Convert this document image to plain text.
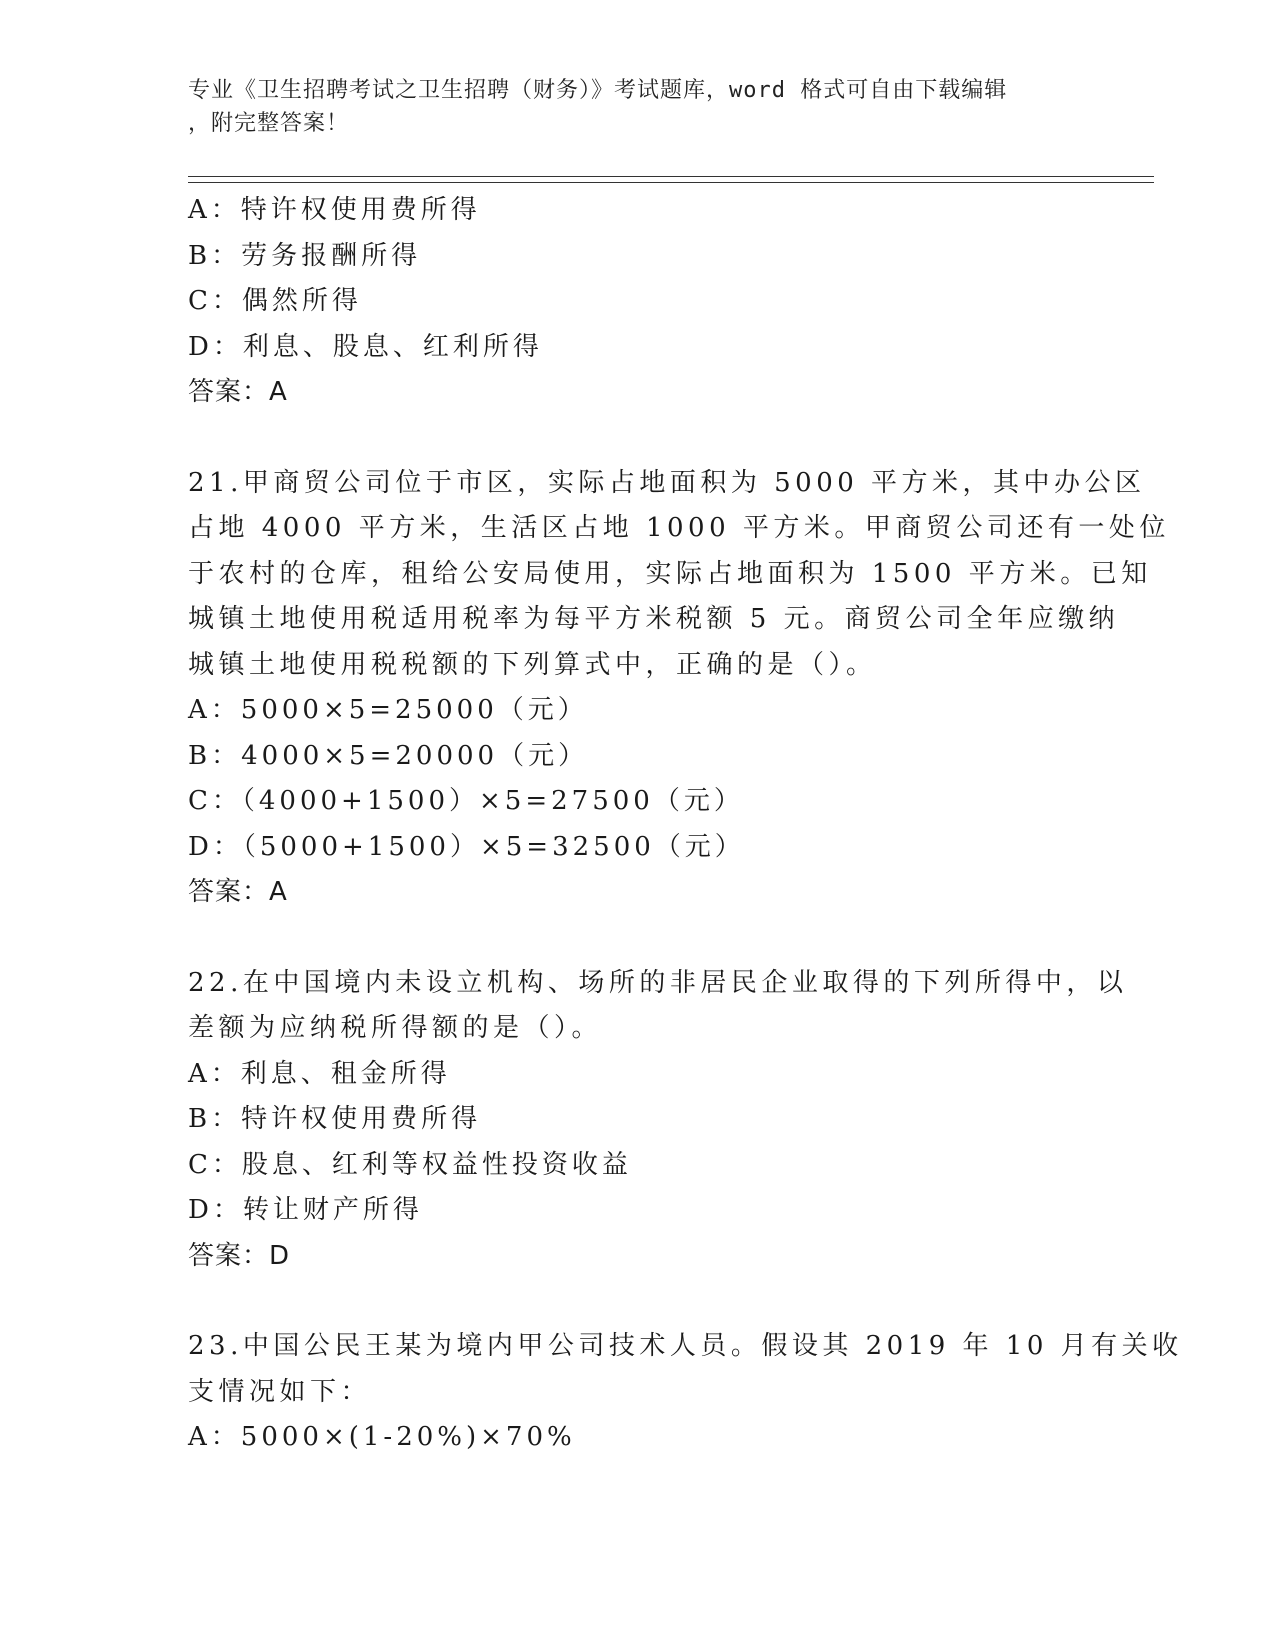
专业《卫生招聘考试之卫生招聘（财务）》考试题库，word 格式可自由下载编辑
，附完整答案！
A：特许权使用费所得
B：劳务报酬所得
C：偶然所得
D：利息、股息、红利所得
答案：A
21.甲商贸公司位于市区，实际占地面积为 5000 平方米，其中办公区
占地 4000 平方米，生活区占地 1000 平方米。甲商贸公司还有一处位
于农村的仓库，租给公安局使用，实际占地面积为 1500 平方米。已知
城镇土地使用税适用税率为每平方米税额 5 元。商贸公司全年应缴纳
城镇土地使用税税额的下列算式中，正确的是（）。
A：5000×5=25000（元）
B：4000×5=20000（元）
C：（4000+1500）×5=27500（元）
D：（5000+1500）×5=32500（元）
答案：A
22.在中国境内未设立机构、场所的非居民企业取得的下列所得中，以
差额为应纳税所得额的是（）。
A：利息、租金所得
B：特许权使用费所得
C：股息、红利等权益性投资收益
D：转让财产所得
答案：D
23.中国公民王某为境内甲公司技术人员。假设其 2019 年 10 月有关收
支情况如下：
A：5000×(1-20%)×70%
